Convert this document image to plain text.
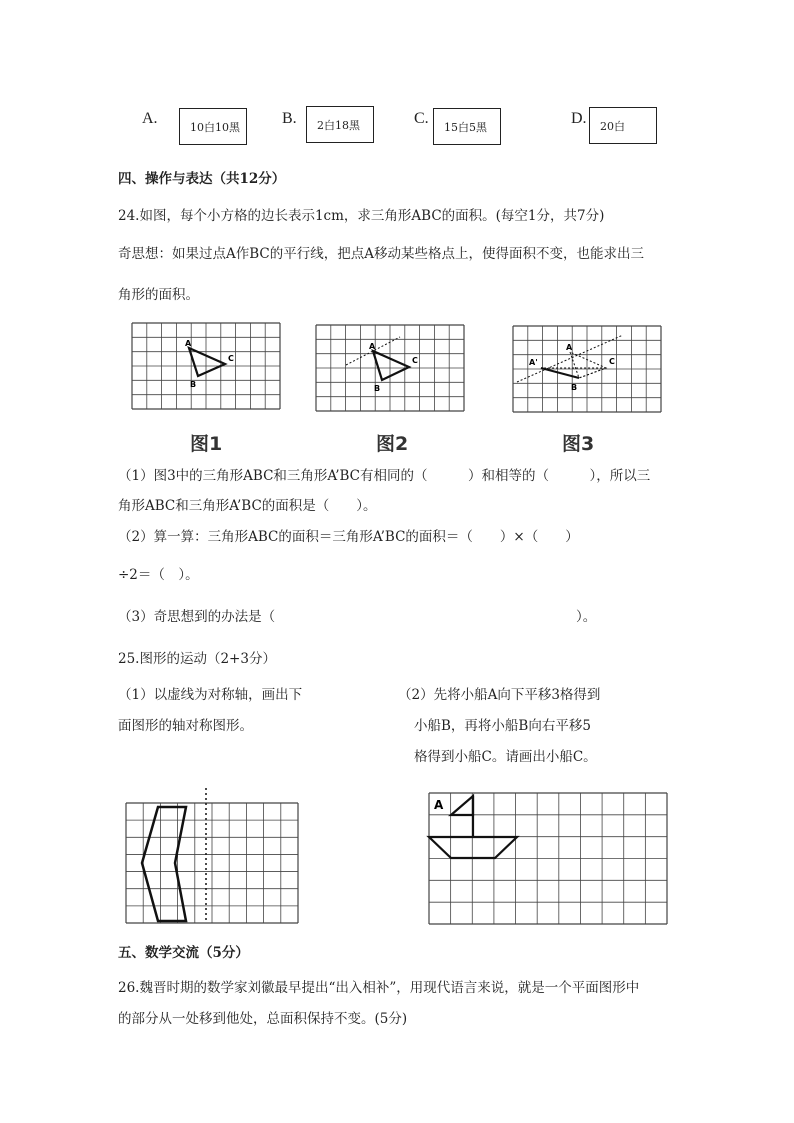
A.	10白10黑	B. 2白18黑	C. 15白5黑	D. 20白
四、操作与表达（共12分）
24.如图，每个小方格的边长表示1cm，求三角形ABC的面积。(每空1分，共7分)
奇思想：如果过点A作BC的平行线，把点A移动某些格点上，使得面积不变，也能求出三
角形的面积。
A
B
C
A
B
C
A
A'
B
C
图1	图2	图3
（1）图3中的三角形ABC和三角形A’BC有相同的（　　　）和相等的（　　　），所以三
角形ABC和三角形A’BC的面积是（　　）。
（2）算一算：三角形ABC的面积＝三角形A’BC的面积＝（　　）×（　　）
÷2＝（　）。
（3）奇思想到的办法是（	）。
25.图形的运动（2+3分）
（1）以虚线为对称轴，画出下
面图形的轴对称图形。
（2）先将小船A向下平移3格得到
小船B，再将小船B向右平移5
格得到小船C。请画出小船C。
A
五、数学交流（5分）
26.魏晋时期的数学家刘徽最早提出“出入相补”，用现代语言来说，就是一个平面图形中
的部分从一处移到他处，总面积保持不变。(5分)
